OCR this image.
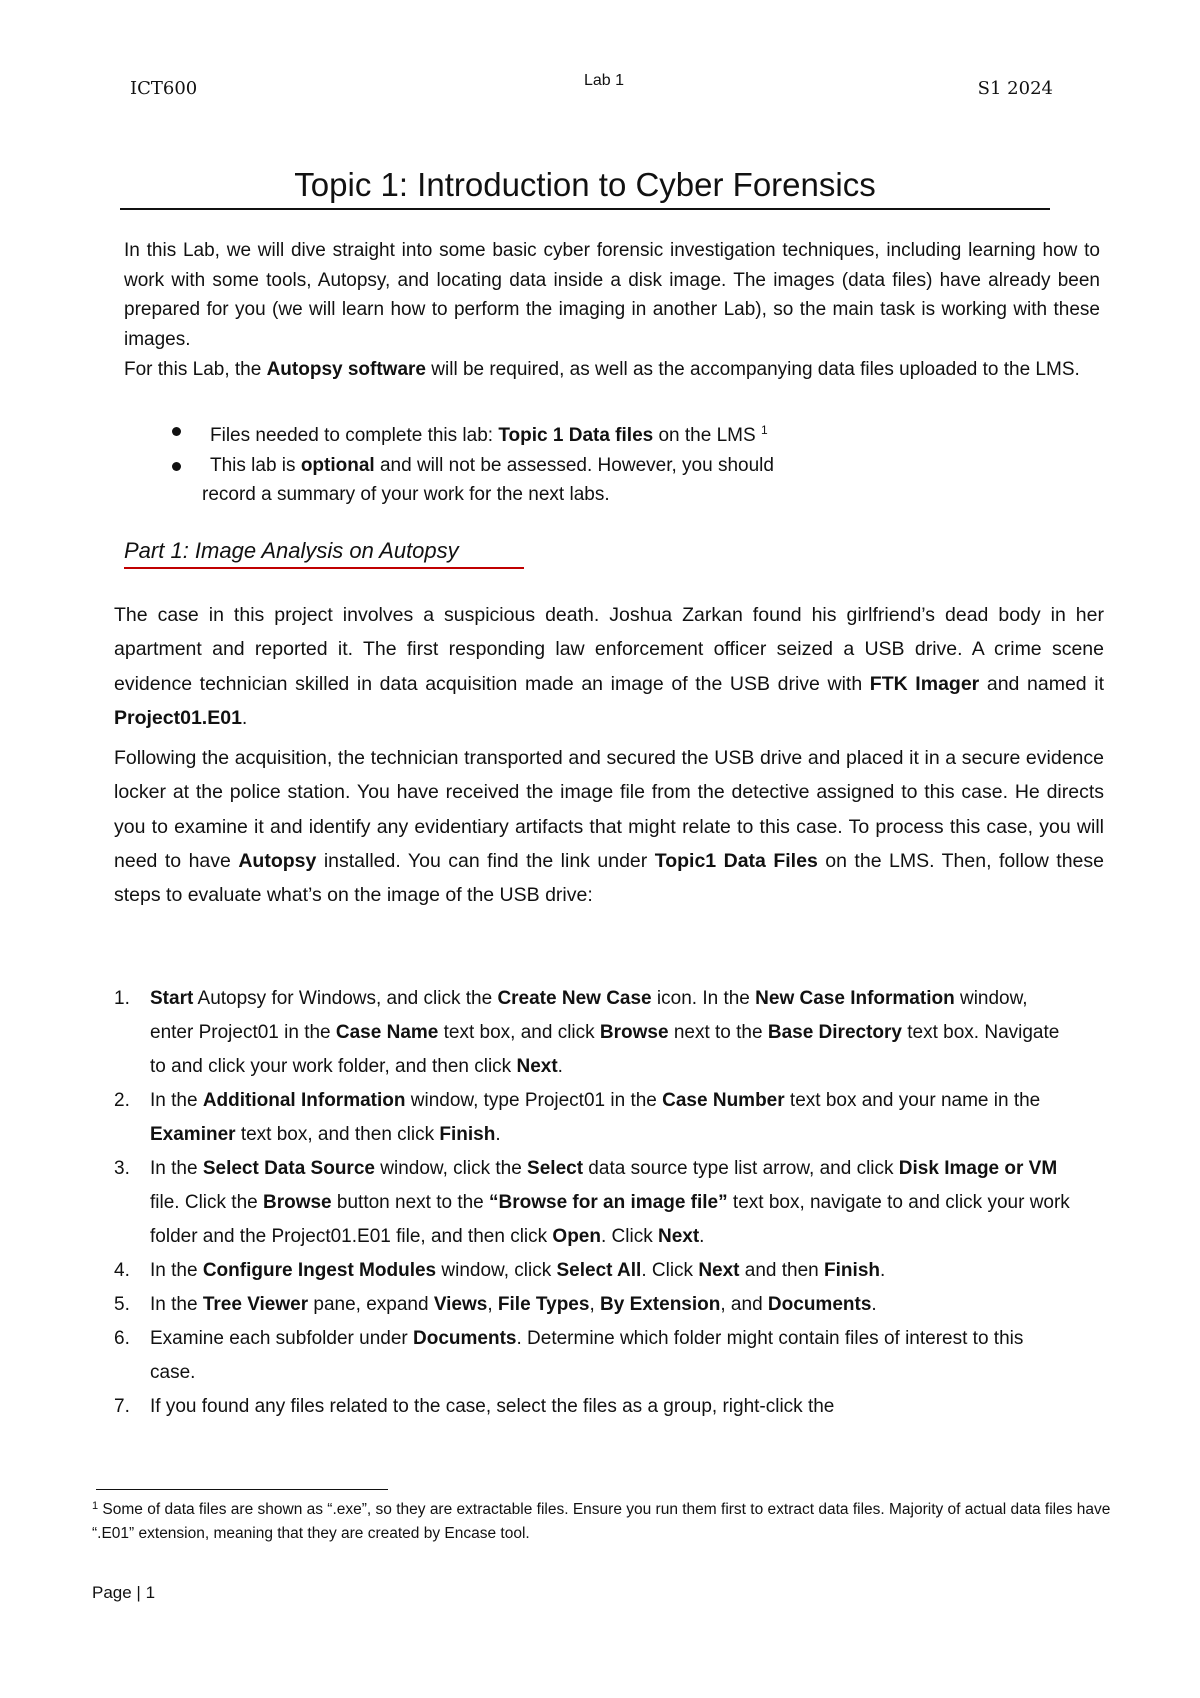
ICT600	Lab 1	S1 2024
Topic 1: Introduction to Cyber Forensics

In this Lab, we will dive straight into some basic cyber forensic investigation techniques, including learning how to work with some tools, Autopsy, and locating data inside a disk image. The images (data files) have already been prepared for you (we will learn how to perform the imaging in another Lab), so the main task is working with these images.

For this Lab, the Autopsy software will be required, as well as the accompanying data files uploaded to the LMS.

Files needed to complete this lab: Topic 1 Data files on the LMS $^1$
This lab is optional and will not be assessed. However, you should
record a summary of your work for the next labs.
Part 1: Image Analysis on Autopsy

The case in this project involves a suspicious death. Joshua Zarkan found his girlfriend’s dead body in her apartment and reported it. The first responding law enforcement officer seized a USB drive. A crime scene evidence technician skilled in data acquisition made an image of the USB drive with FTK Imager and named it Project01.E01.

Following the acquisition, the technician transported and secured the USB drive and placed it in a secure evidence locker at the police station. You have received the image file from the detective assigned to this case. He directs you to examine it and identify any evidentiary artifacts that might relate to this case. To process this case, you will need to have Autopsy installed. You can find the link under Topic1 Data Files on the LMS. Then, follow these steps to evaluate what’s on the image of the USB drive:

1. Start Autopsy for Windows, and click the Create New Case icon. In the New Case Information window, enter Project01 in the Case Name text box, and click Browse next to the Base Directory text box. Navigate to and click your work folder, and then click Next.
2. In the Additional Information window, type Project01 in the Case Number text box and your name in the Examiner text box, and then click Finish.
3. In the Select Data Source window, click the Select data source type list arrow, and click Disk Image or VM file. Click the Browse button next to the “Browse for an image file” text box, navigate to and click your work folder and the Project01.E01 file, and then click Open. Click Next.
4. In the Configure Ingest Modules window, click Select All. Click Next and then Finish.
5. In the Tree Viewer pane, expand Views, File Types, By Extension, and Documents.
6. Examine each subfolder under Documents. Determine which folder might contain files of interest to this case.
7. If you found any files related to the case, select the files as a group, right-click the

$^1$ Some of data files are shown as “.exe”, so they are extractable files. Ensure you run them first to extract data files. Majority of actual data files have “.E01” extension, meaning that they are created by Encase tool.

Page | 1
